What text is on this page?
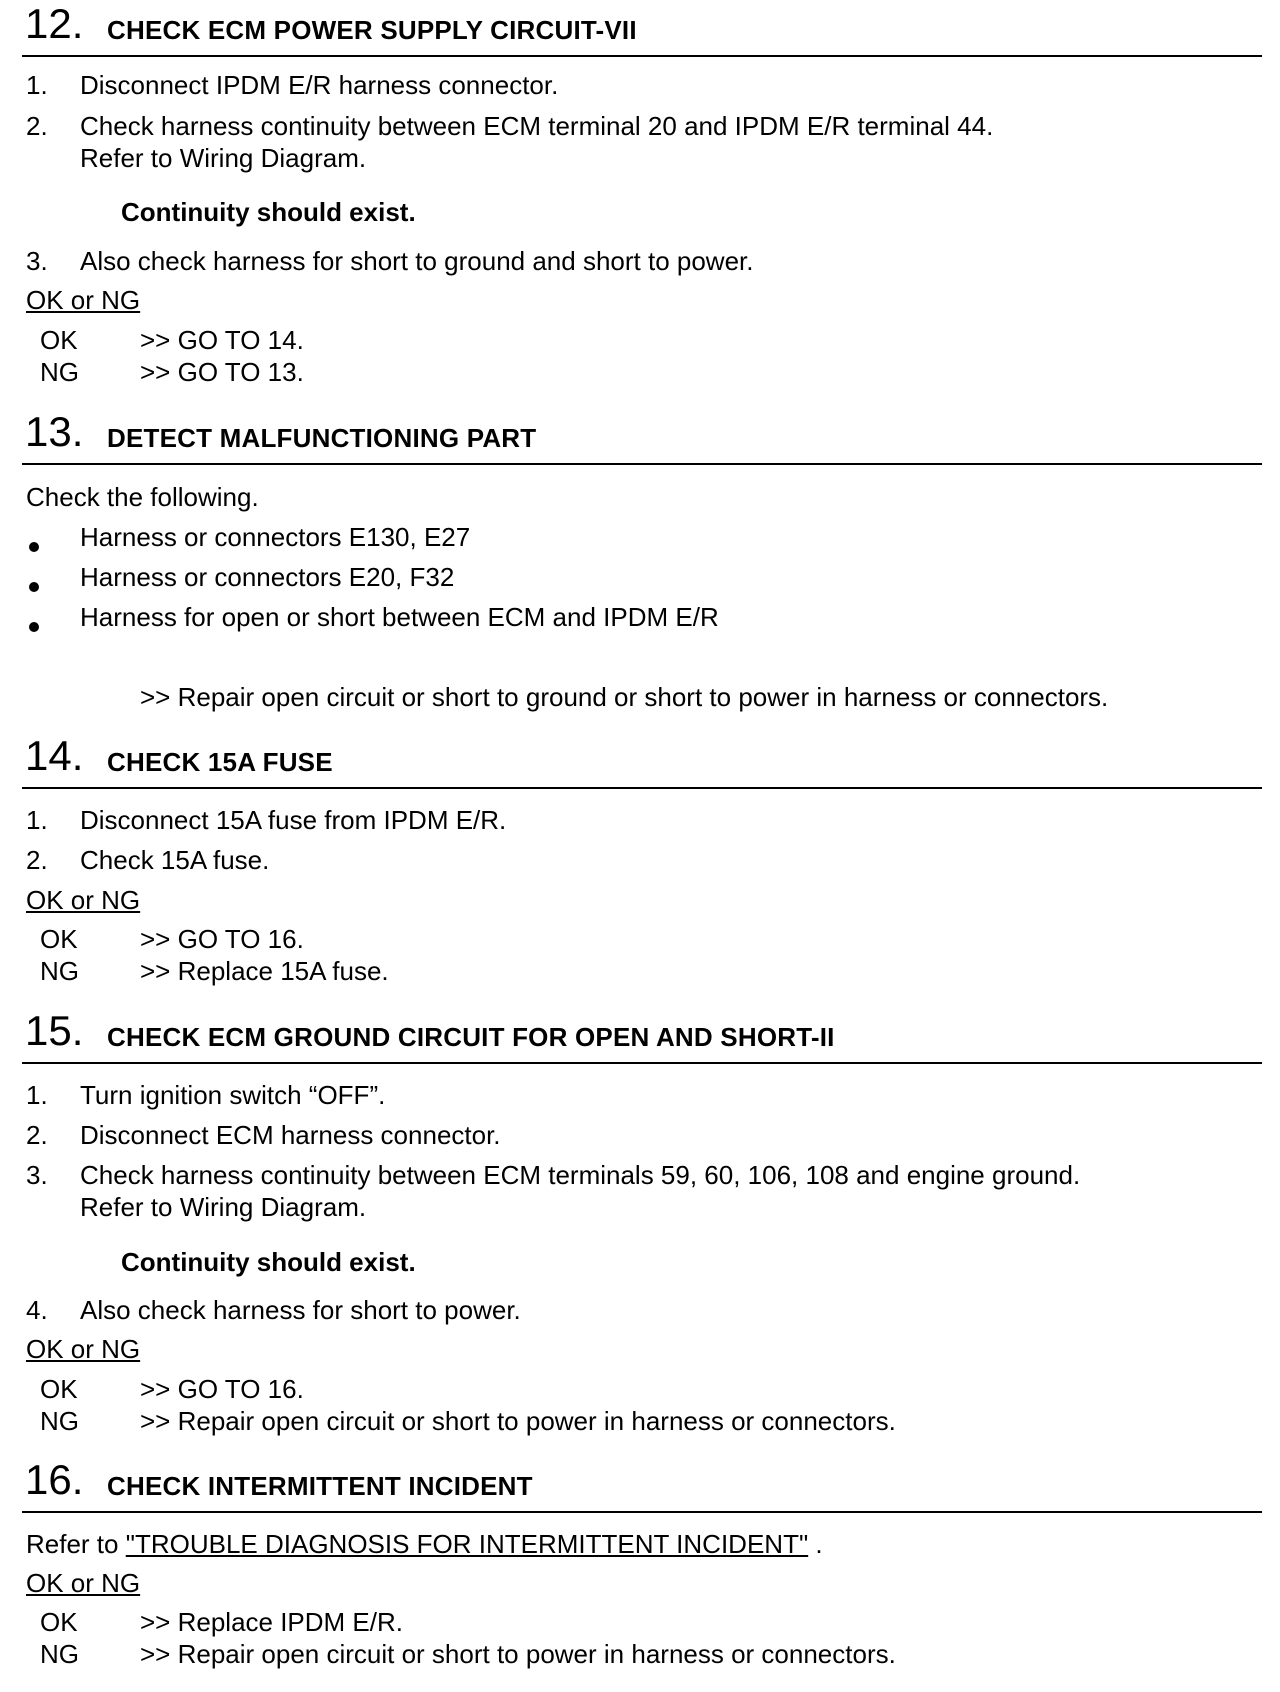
12. CHECK ECM POWER SUPPLY CIRCUIT-VII
1. Disconnect IPDM E/R harness connector.
2. Check harness continuity between ECM terminal 20 and IPDM E/R terminal 44.
Refer to Wiring Diagram.
Continuity should exist.
3. Also check harness for short to ground and short to power.
OK or NG
OK >> GO TO 14.
NG >> GO TO 13.
13. DETECT MALFUNCTIONING PART
Check the following.
Harness or connectors E130, E27
Harness or connectors E20, F32
Harness for open or short between ECM and IPDM E/R
>> Repair open circuit or short to ground or short to power in harness or connectors.
14. CHECK 15A FUSE
1. Disconnect 15A fuse from IPDM E/R.
2. Check 15A fuse.
OK or NG
OK >> GO TO 16.
NG >> Replace 15A fuse.
15. CHECK ECM GROUND CIRCUIT FOR OPEN AND SHORT-II
1. Turn ignition switch “OFF”.
2. Disconnect ECM harness connector.
3. Check harness continuity between ECM terminals 59, 60, 106, 108 and engine ground.
Refer to Wiring Diagram.
Continuity should exist.
4. Also check harness for short to power.
OK or NG
OK >> GO TO 16.
NG >> Repair open circuit or short to power in harness or connectors.
16. CHECK INTERMITTENT INCIDENT
Refer to "TROUBLE DIAGNOSIS FOR INTERMITTENT INCIDENT" .
OK or NG
OK >> Replace IPDM E/R.
NG >> Repair open circuit or short to power in harness or connectors.
